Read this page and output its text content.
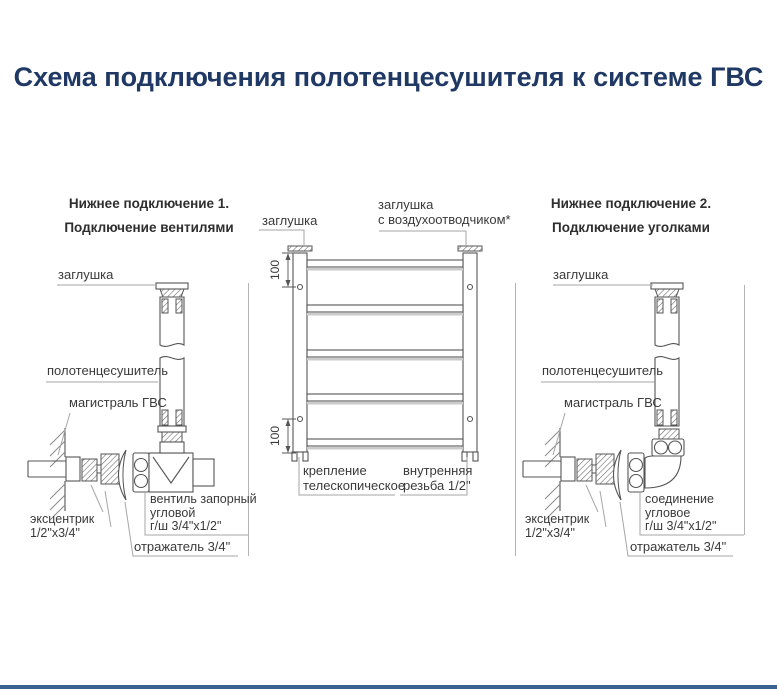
Схема подключения полотенцесушителя к системе ГВС
Нижнее подключение 1.
Подключение вентилями
Нижнее подключение 2.
Подключение уголками
100
100
заглушка
полотенцесушитель
магистраль ГВС
вентиль запорный
угловой
г/ш 3/4"x1/2"
эксцентрик
1/2"x3/4"
отражатель 3/4"
заглушка
заглушка
с воздухоотводчиком*
крепление
телескопическое
внутренняя
резьба 1/2"
заглушка
полотенцесушитель
магистраль ГВС
соединение
угловое
г/ш 3/4"x1/2"
эксцентрик
1/2"x3/4"
отражатель 3/4"
